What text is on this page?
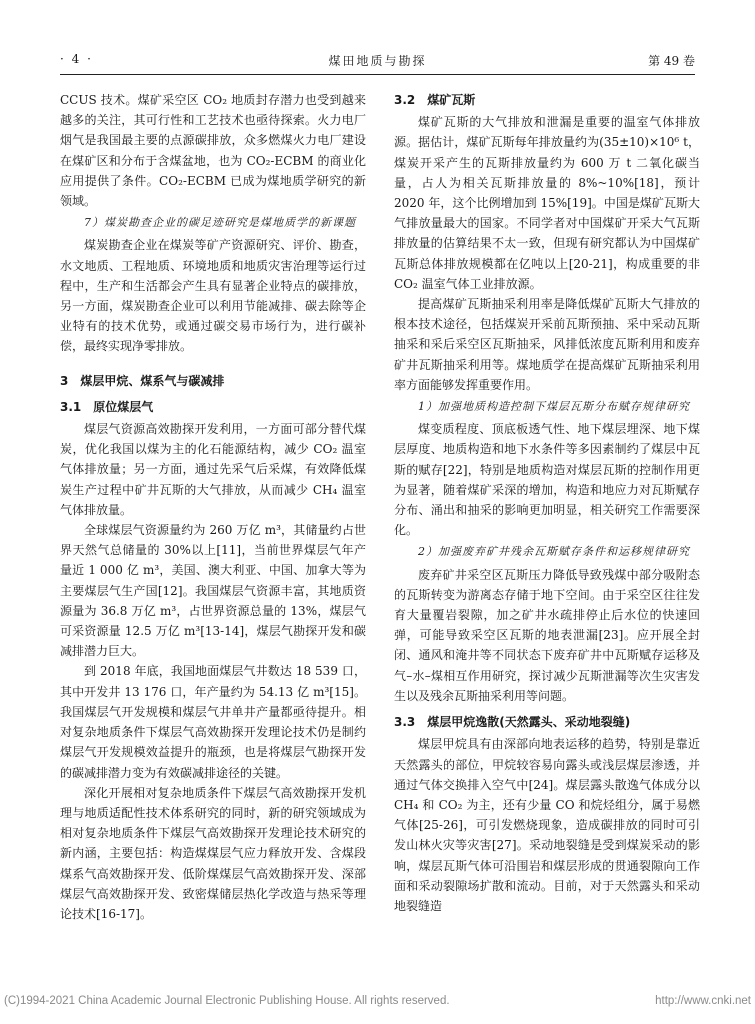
· 4 ·	煤田地质与勘探	第 49 卷

CCUS 技术。煤矿采空区 CO₂ 地质封存潜力也受到越来越多的关注，其可行性和工艺技术也亟待探索。火力电厂烟气是我国最主要的点源碳排放，众多燃煤火力电厂建设在煤矿区和分布于含煤盆地，也为 CO₂-ECBM 的商业化应用提供了条件。CO₂-ECBM 已成为煤地质学研究的新领域。

7）煤炭勘查企业的碳足迹研究是煤地质学的新课题

煤炭勘查企业在煤炭等矿产资源研究、评价、勘查，水文地质、工程地质、环境地质和地质灾害治理等运行过程中，生产和生活都会产生具有显著企业特点的碳排放，另一方面，煤炭勘查企业可以利用节能减排、碳去除等企业特有的技术优势，或通过碳交易市场行为，进行碳补偿，最终实现净零排放。

3　煤层甲烷、煤系气与碳减排
3.1　原位煤层气

煤层气资源高效勘探开发利用，一方面可部分替代煤炭，优化我国以煤为主的化石能源结构，减少 CO₂ 温室气体排放量；另一方面，通过先采气后采煤，有效降低煤炭生产过程中矿井瓦斯的大气排放，从而减少 CH₄ 温室气体排放量。

全球煤层气资源量约为 260 万亿 m³，其储量约占世界天然气总储量的 30%以上[11]，当前世界煤层气年产量近 1 000 亿 m³，美国、澳大利亚、中国、加拿大等为主要煤层气生产国[12]。我国煤层气资源丰富，其地质资源量为 36.8 万亿 m³，占世界资源总量的 13%，煤层气可采资源量 12.5 万亿 m³[13-14]，煤层气勘探开发和碳减排潜力巨大。

到 2018 年底，我国地面煤层气井数达 18 539 口，其中开发井 13 176 口，年产量约为 54.13 亿 m³[15]。我国煤层气开发规模和煤层气井单井产量都亟待提升。相对复杂地质条件下煤层气高效勘探开发理论技术仍是制约煤层气开发规模效益提升的瓶颈，也是将煤层气勘探开发的碳减排潜力变为有效碳减排途径的关键。

深化开展相对复杂地质条件下煤层气高效勘探开发机理与地质适配性技术体系研究的同时，新的研究领域成为相对复杂地质条件下煤层气高效勘探开发理论技术研究的新内涵，主要包括：构造煤煤层气应力释放开发、含煤段煤系气高效勘探开发、低阶煤煤层气高效勘探开发、深部煤层气高效勘探开发、致密煤储层热化学改造与热采等理论技术[16-17]。

3.2　煤矿瓦斯

煤矿瓦斯的大气排放和泄漏是重要的温室气体排放源。据估计，煤矿瓦斯每年排放量约为(35±10)×10⁶ t，煤炭开采产生的瓦斯排放量约为 600 万 t 二氧化碳当量，占人为相关瓦斯排放量的 8%~10%[18]，预计 2020 年，这个比例增加到 15%[19]。中国是煤矿瓦斯大气排放量最大的国家。不同学者对中国煤矿开采大气瓦斯排放量的估算结果不太一致，但现有研究都认为中国煤矿瓦斯总体排放规模都在亿吨以上[20-21]，构成重要的非 CO₂ 温室气体工业排放源。

提高煤矿瓦斯抽采利用率是降低煤矿瓦斯大气排放的根本技术途径，包括煤炭开采前瓦斯预抽、采中采动瓦斯抽采和采后采空区瓦斯抽采，风排低浓度瓦斯利用和废弃矿井瓦斯抽采利用等。煤地质学在提高煤矿瓦斯抽采利用率方面能够发挥重要作用。

1）加强地质构造控制下煤层瓦斯分布赋存规律研究

煤变质程度、顶底板透气性、地下煤层埋深、地下煤层厚度、地质构造和地下水条件等多因素制约了煤层中瓦斯的赋存[22]，特别是地质构造对煤层瓦斯的控制作用更为显著，随着煤矿采深的增加，构造和地应力对瓦斯赋存分布、涌出和抽采的影响更加明显，相关研究工作需要深化。

2）加强废弃矿井残余瓦斯赋存条件和运移规律研究

废弃矿井采空区瓦斯压力降低导致残煤中部分吸附态的瓦斯转变为游离态存储于地下空间。由于采空区往往发育大量覆岩裂隙，加之矿井水疏排停止后水位的快速回弹，可能导致采空区瓦斯的地表泄漏[23]。应开展全封闭、通风和淹井等不同状态下废弃矿井中瓦斯赋存运移及气–水–煤相互作用研究，探讨减少瓦斯泄漏等次生灾害发生以及残余瓦斯抽采利用等问题。

3.3　煤层甲烷逸散(天然露头、采动地裂缝)

煤层甲烷具有由深部向地表运移的趋势，特别是靠近天然露头的部位，甲烷较容易向露头或浅层煤层渗透，并通过气体交换排入空气中[24]。煤层露头散逸气体成分以 CH₄ 和 CO₂ 为主，还有少量 CO 和烷烃组分，属于易燃气体[25-26]，可引发燃烧现象，造成碳排放的同时可引发山林火灾等灾害[27]。采动地裂缝是受到煤炭采动的影响，煤层瓦斯气体可沿围岩和煤层形成的贯通裂隙向工作面和采动裂隙场扩散和流动。目前，对于天然露头和采动地裂缝造

(C)1994-2021 China Academic Journal Electronic Publishing House. All rights reserved.	http://www.cnki.net
